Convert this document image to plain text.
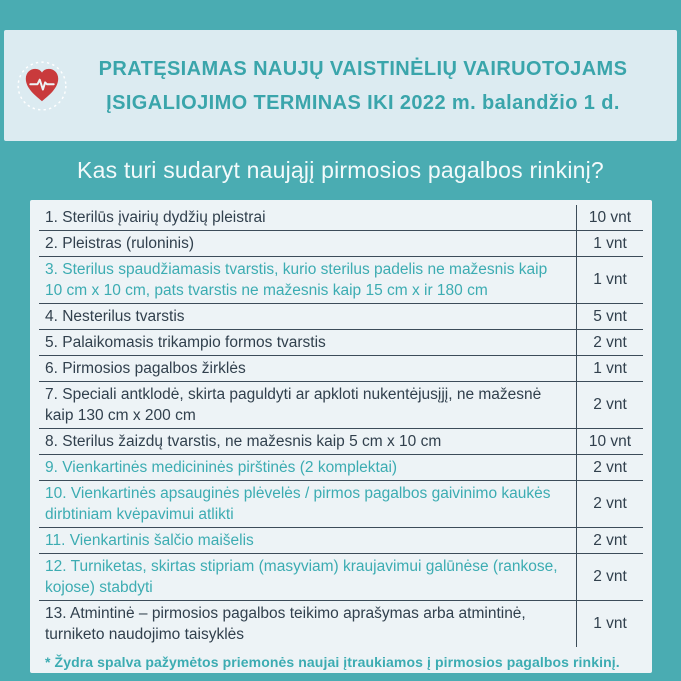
PRATĘSIAMAS NAUJŲ VAISTINĖLIŲ VAIRUOTOJAMS
ĮSIGALIOJIMO TERMINAS IKI 2022 m. balandžio 1 d.
Kas turi sudaryt naująjį pirmosios pagalbos rinkinį?
1. Sterilūs įvairių dydžių pleistrai	10 vnt
2. Pleistras (ruloninis)	1 vnt
3. Sterilus spaudžiamasis tvarstis, kurio sterilus padelis ne mažesnis kaip 10 cm x 10 cm, pats tvarstis ne mažesnis kaip 15 cm x ir 180 cm
1 vnt
4. Nesterilus tvarstis	5 vnt
5. Palaikomasis trikampio formos tvarstis	2 vnt
6. Pirmosios pagalbos žirklės	1 vnt
7. Speciali antklodė, skirta paguldyti ar apkloti nukentėjusįjį, ne mažesnė kaip 130 cm x 200 cm
2 vnt
8. Sterilus žaizdų tvarstis, ne mažesnis kaip 5 cm x 10 cm	10 vnt
9. Vienkartinės medicininės pirštinės (2 komplektai)	2 vnt
10. Vienkartinės apsauginės plėvelės / pirmos pagalbos gaivinimo kaukės dirbtiniam kvėpavimui atlikti
2 vnt
11. Vienkartinis šalčio maišelis	2 vnt
12. Turniketas, skirtas stipriam (masyviam) kraujavimui galūnėse (rankose, kojose) stabdyti
2 vnt
13. Atmintinė – pirmosios pagalbos teikimo aprašymas arba atmintinė, turniketo naudojimo taisyklės
1 vnt
* Žydra spalva pažymėtos priemonės naujai įtraukiamos į pirmosios pagalbos rinkinį.
